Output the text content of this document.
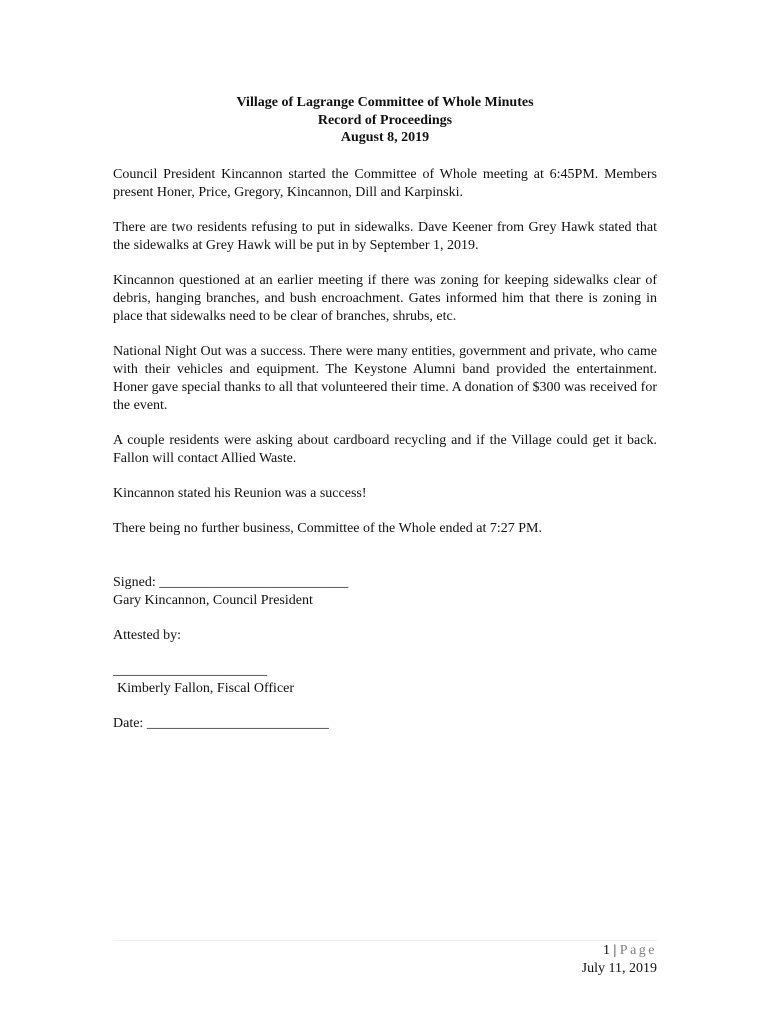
Village of Lagrange Committee of Whole Minutes
Record of Proceedings
August 8, 2019

Council President Kincannon started the Committee of Whole meeting at 6:45PM. Members present Honer, Price, Gregory, Kincannon, Dill and Karpinski.

There are two residents refusing to put in sidewalks. Dave Keener from Grey Hawk stated that the sidewalks at Grey Hawk will be put in by September 1, 2019.

Kincannon questioned at an earlier meeting if there was zoning for keeping sidewalks clear of debris, hanging branches, and bush encroachment. Gates informed him that there is zoning in place that sidewalks need to be clear of branches, shrubs, etc.

National Night Out was a success. There were many entities, government and private, who came with their vehicles and equipment. The Keystone Alumni band provided the entertainment. Honer gave special thanks to all that volunteered their time. A donation of $300 was received for the event.

A couple residents were asking about cardboard recycling and if the Village could get it back. Fallon will contact Allied Waste.

Kincannon stated his Reunion was a success!

There being no further business, Committee of the Whole ended at 7:27 PM.

Signed: ___________________________

Gary Kincannon, Council President

Attested by:

______________________

Kimberly Fallon, Fiscal Officer

Date: __________________________

1 | Page
July 11, 2019
